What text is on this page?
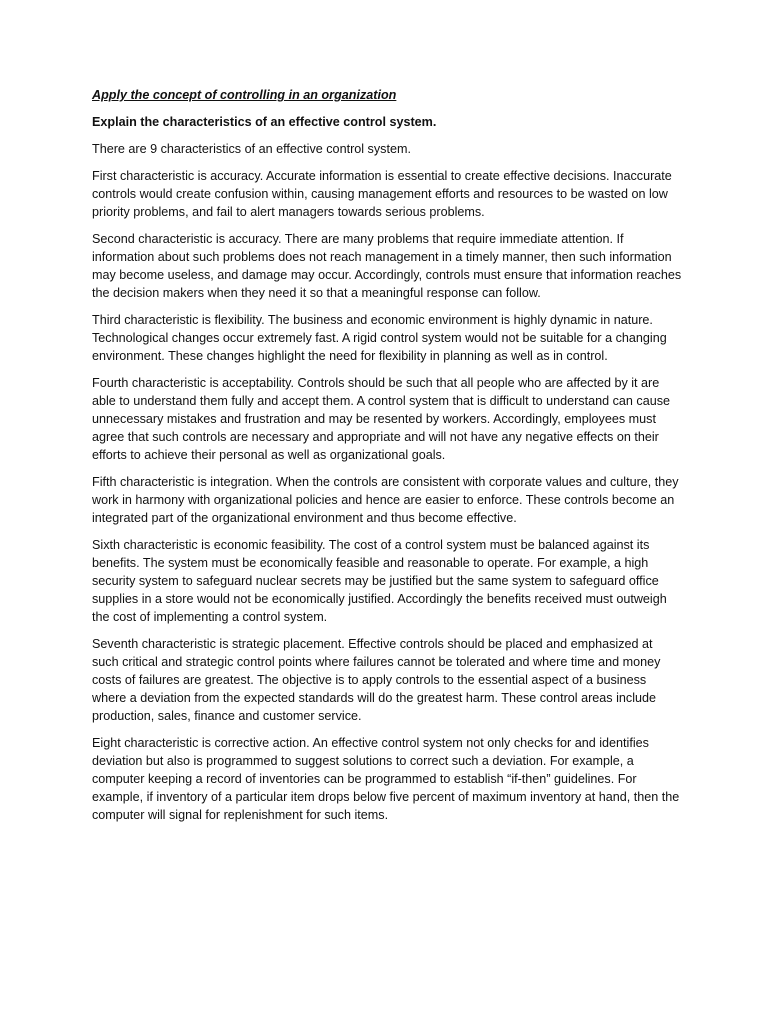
Apply the concept of controlling in an organization

Explain the characteristics of an effective control system.

There are 9 characteristics of an effective control system.

First characteristic is accuracy. Accurate information is essential to create effective decisions. Inaccurate controls would create confusion within, causing management efforts and resources to be wasted on low priority problems, and fail to alert managers towards serious problems.

Second characteristic is accuracy. There are many problems that require immediate attention. If information about such problems does not reach management in a timely manner, then such information may become useless, and damage may occur. Accordingly, controls must ensure that information reaches the decision makers when they need it so that a meaningful response can follow.

Third characteristic is flexibility. The business and economic environment is highly dynamic in nature. Technological changes occur extremely fast. A rigid control system would not be suitable for a changing environment. These changes highlight the need for flexibility in planning as well as in control.

Fourth characteristic is acceptability. Controls should be such that all people who are affected by it are able to understand them fully and accept them. A control system that is difficult to understand can cause unnecessary mistakes and frustration and may be resented by workers. Accordingly, employees must agree that such controls are necessary and appropriate and will not have any negative effects on their efforts to achieve their personal as well as organizational goals.

Fifth characteristic is integration. When the controls are consistent with corporate values and culture, they work in harmony with organizational policies and hence are easier to enforce. These controls become an integrated part of the organizational environment and thus become effective.

Sixth characteristic is economic feasibility. The cost of a control system must be balanced against its benefits. The system must be economically feasible and reasonable to operate. For example, a high security system to safeguard nuclear secrets may be justified but the same system to safeguard office supplies in a store would not be economically justified. Accordingly the benefits received must outweigh the cost of implementing a control system.

Seventh characteristic is strategic placement. Effective controls should be placed and emphasized at such critical and strategic control points where failures cannot be tolerated and where time and money costs of failures are greatest. The objective is to apply controls to the essential aspect of a business where a deviation from the expected standards will do the greatest harm. These control areas include production, sales, finance and customer service.

Eight characteristic is corrective action. An effective control system not only checks for and identifies deviation but also is programmed to suggest solutions to correct such a deviation. For example, a computer keeping a record of inventories can be programmed to establish “if-then” guidelines. For example, if inventory of a particular item drops below five percent of maximum inventory at hand, then the computer will signal for replenishment for such items.
